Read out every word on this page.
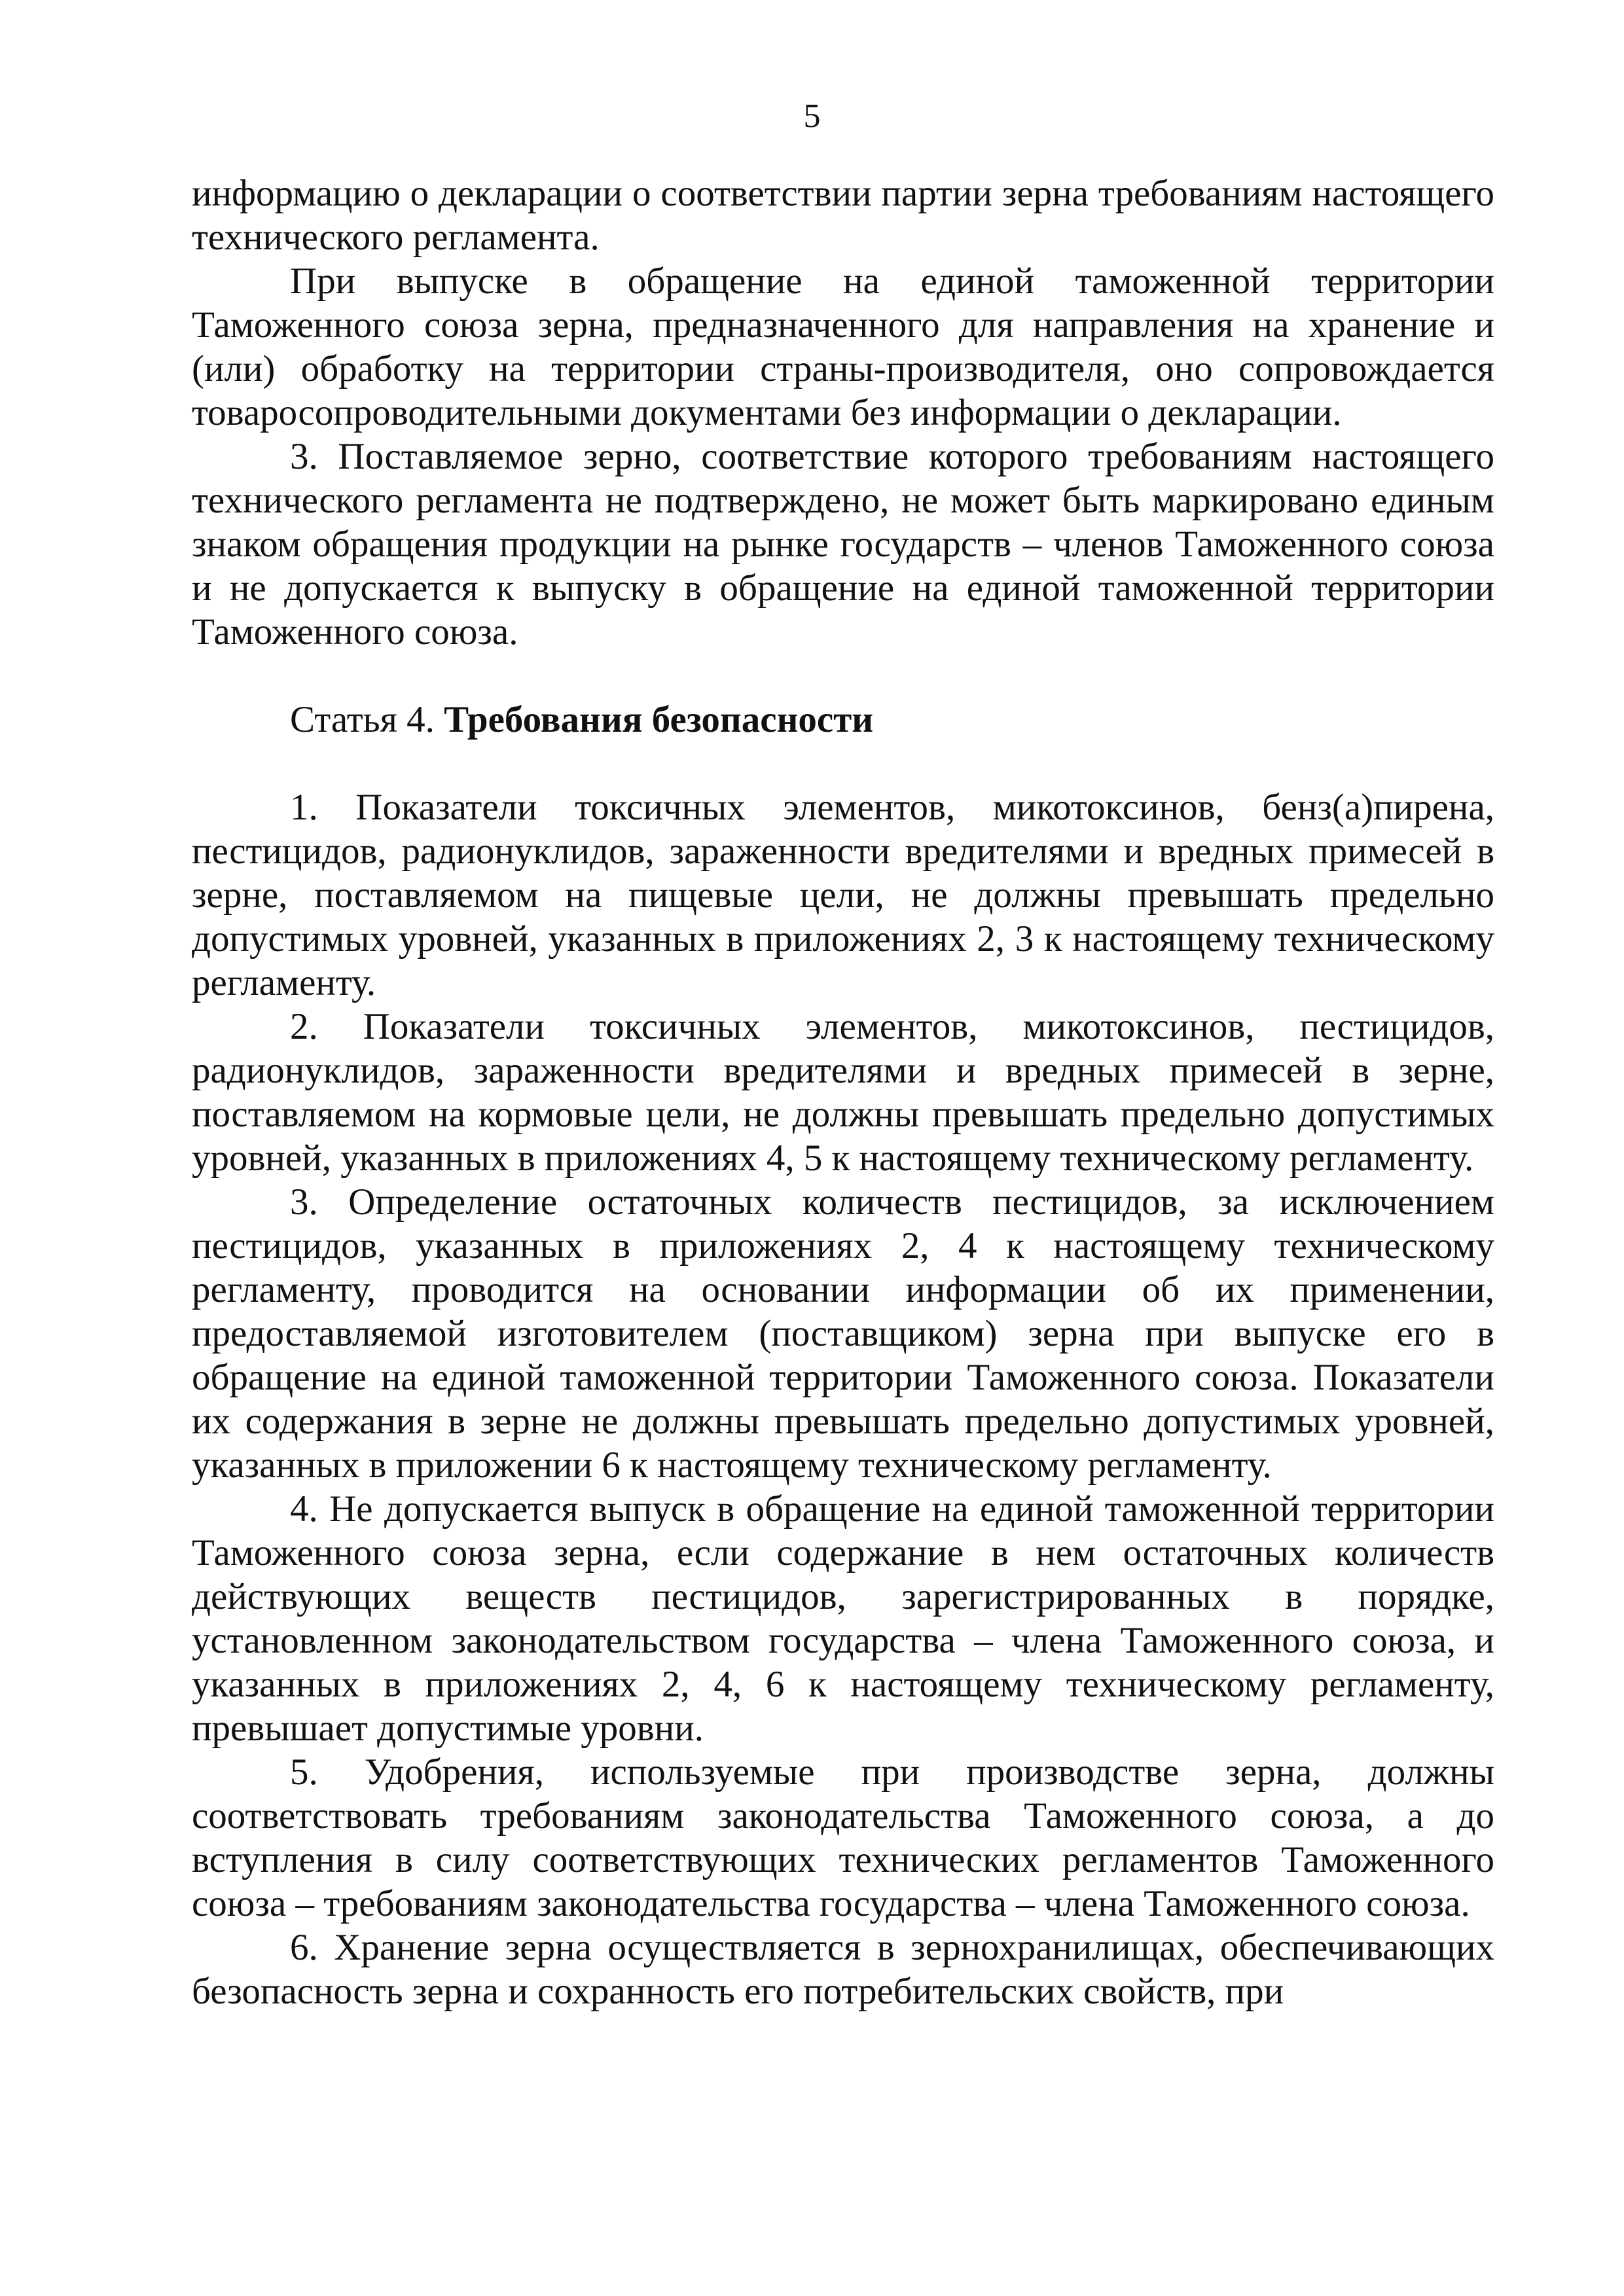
5

информацию о декларации о соответствии партии зерна требованиям настоящего технического регламента.

При выпуске в обращение на единой таможенной территории Таможенного союза зерна, предназначенного для направления на хранение и (или) обработку на территории страны-производителя, оно сопровождается товаросопроводительными документами без информации о декларации.

3. Поставляемое зерно, соответствие которого требованиям настоящего технического регламента не подтверждено, не может быть маркировано единым знаком обращения продукции на рынке государств – членов Таможенного союза и не допускается к выпуску в обращение на единой таможенной территории Таможенного союза.

Статья 4. Требования безопасности

1. Показатели токсичных элементов, микотоксинов, бенз(а)пирена, пестицидов, радионуклидов, зараженности вредителями и вредных примесей в зерне, поставляемом на пищевые цели, не должны превышать предельно допустимых уровней, указанных в приложениях 2, 3 к настоящему техническому регламенту.

2. Показатели токсичных элементов, микотоксинов, пестицидов, радионуклидов, зараженности вредителями и вредных примесей в зерне, поставляемом на кормовые цели, не должны превышать предельно допустимых уровней, указанных в приложениях 4, 5 к настоящему техническому регламенту.

3. Определение остаточных количеств пестицидов, за исключением пестицидов, указанных в приложениях 2, 4 к настоящему техническому регламенту, проводится на основании информации об их применении, предоставляемой изготовителем (поставщиком) зерна при выпуске его в обращение на единой таможенной территории Таможенного союза. Показатели их содержания в зерне не должны превышать предельно допустимых уровней, указанных в приложении 6 к настоящему техническому регламенту.

4. Не допускается выпуск в обращение на единой таможенной территории Таможенного союза зерна, если содержание в нем остаточных количеств действующих веществ пестицидов, зарегистрированных в порядке, установленном законодательством государства – члена Таможенного союза, и указанных в приложениях 2, 4, 6 к настоящему техническому регламенту, превышает допустимые уровни.

5. Удобрения, используемые при производстве зерна, должны соответствовать требованиям законодательства Таможенного союза, а до вступления в силу соответствующих технических регламентов Таможенного союза – требованиям законодательства государства – члена Таможенного союза.

6. Хранение зерна осуществляется в зернохранилищах, обеспечивающих безопасность зерна и сохранность его потребительских свойств, при
